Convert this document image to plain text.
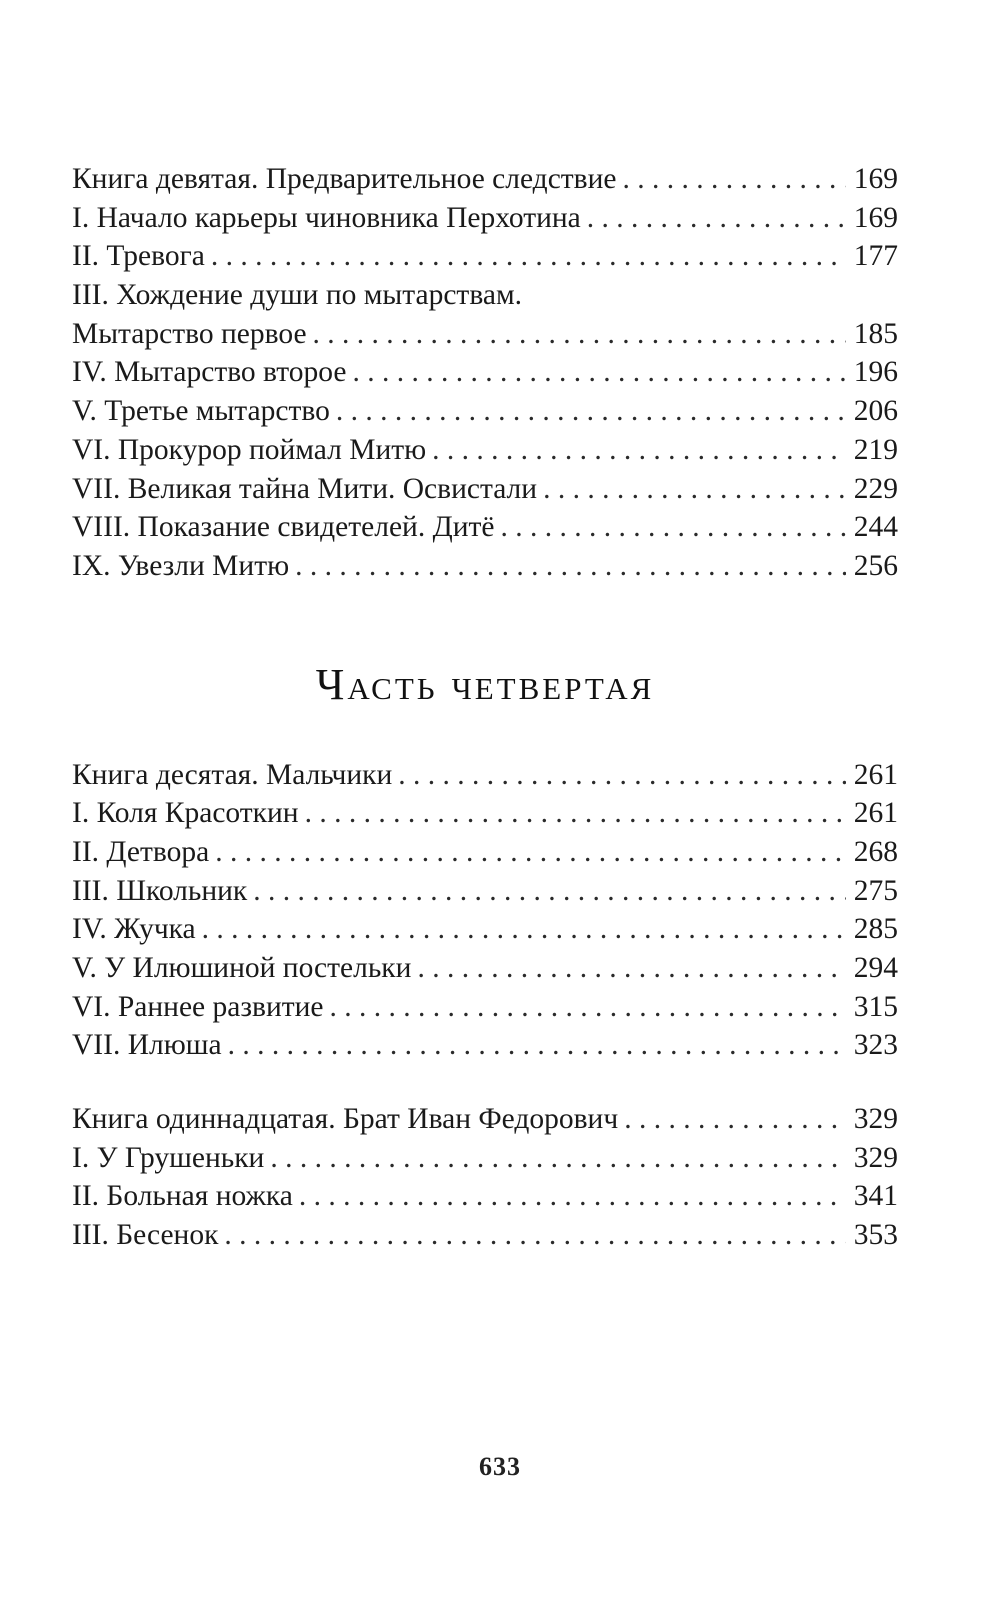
Книга девятая. Предварительное следствие . . .	169
I. Начало карьеры чиновника Перхотина . . .	169
II. Тревога . . .	177
III. Хождение души по мытарствам.
Мытарство первое . . .	185
IV. Мытарство второе . . .	196
V. Третье мытарство . . .	206
VI. Прокурор поймал Митю . . .	219
VII. Великая тайна Мити. Освистали . . .	229
VIII. Показание свидетелей. Дитё . . .	244
IX. Увезли Митю . . .	256
Часть четвертая
Книга десятая. Мальчики . . .	261
I. Коля Красоткин . . .	261
II. Детвора . . .	268
III. Школьник . . .	275
IV. Жучка . . .	285
V. У Илюшиной постельки . . .	294
VI. Раннее развитие . . .	315
VII. Илюша . . .	323
Книга одиннадцатая. Брат Иван Федорович . . .	329
I. У Грушеньки . . .	329
II. Больная ножка . . .	341
III. Бесенок . . .	353
633
